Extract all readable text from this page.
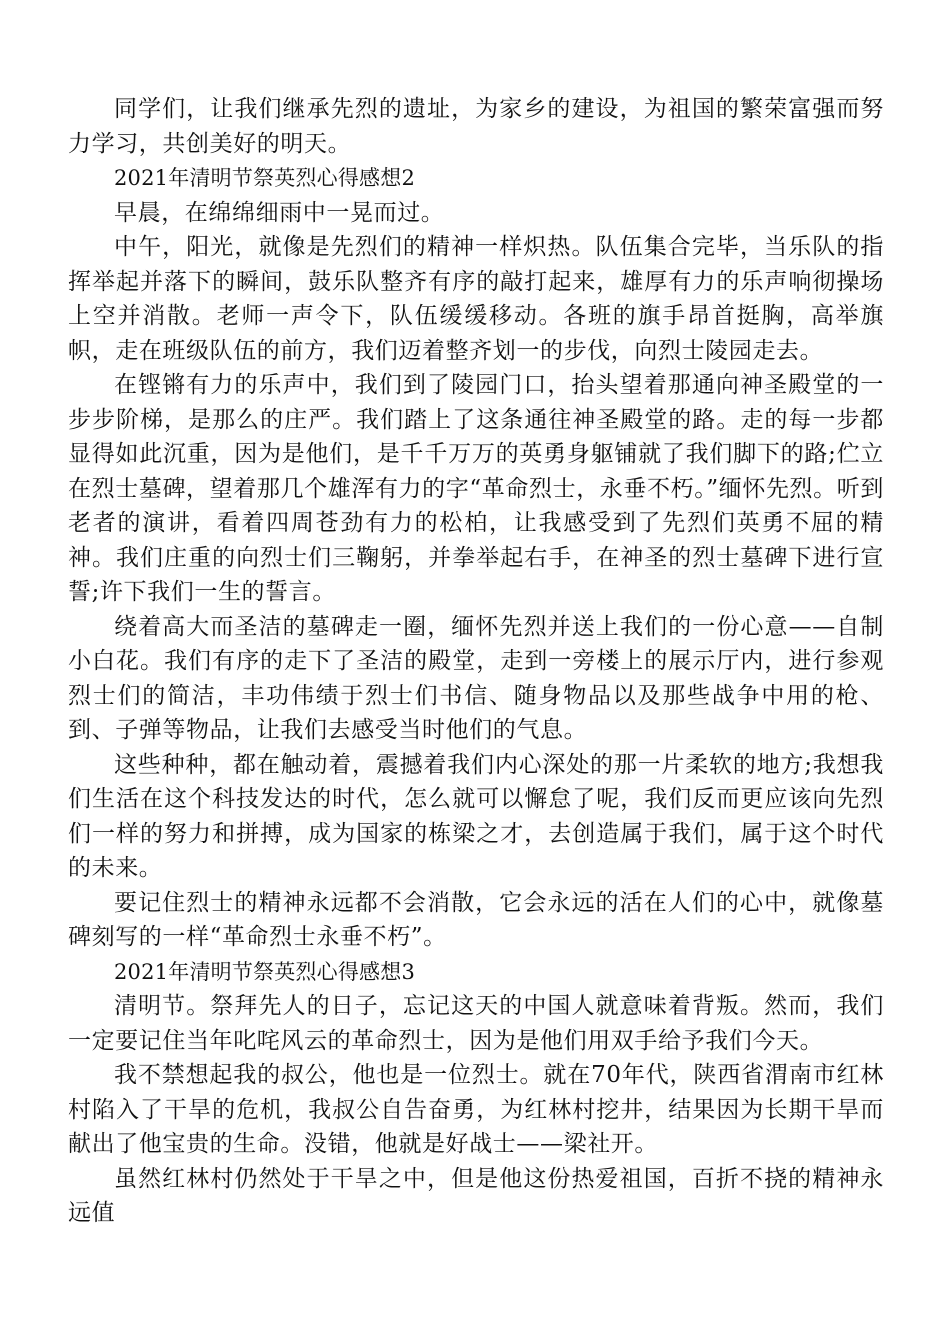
同学们，让我们继承先烈的遗址，为家乡的建设，为祖国的繁荣富强而努力学习，共创美好的明天。

2021年清明节祭英烈心得感想2

早晨，在绵绵细雨中一晃而过。

中午，阳光，就像是先烈们的精神一样炽热。队伍集合完毕，当乐队的指挥举起并落下的瞬间，鼓乐队整齐有序的敲打起来，雄厚有力的乐声响彻操场上空并消散。老师一声令下，队伍缓缓移动。各班的旗手昂首挺胸，高举旗帜，走在班级队伍的前方，我们迈着整齐划一的步伐，向烈士陵园走去。

在铿锵有力的乐声中，我们到了陵园门口，抬头望着那通向神圣殿堂的一步步阶梯，是那么的庄严。我们踏上了这条通往神圣殿堂的路。走的每一步都显得如此沉重，因为是他们，是千千万万的英勇身躯铺就了我们脚下的路;伫立在烈士墓碑，望着那几个雄浑有力的字“革命烈士，永垂不朽。”缅怀先烈。听到老者的演讲，看着四周苍劲有力的松柏，让我感受到了先烈们英勇不屈的精神。我们庄重的向烈士们三鞠躬，并拳举起右手，在神圣的烈士墓碑下进行宣誓;许下我们一生的誓言。

绕着高大而圣洁的墓碑走一圈，缅怀先烈并送上我们的一份心意——自制小白花。我们有序的走下了圣洁的殿堂，走到一旁楼上的展示厅内，进行参观烈士们的简洁，丰功伟绩于烈士们书信、随身物品以及那些战争中用的枪、到、子弹等物品，让我们去感受当时他们的气息。

这些种种，都在触动着，震撼着我们内心深处的那一片柔软的地方;我想我们生活在这个科技发达的时代，怎么就可以懈怠了呢，我们反而更应该向先烈们一样的努力和拼搏，成为国家的栋梁之才，去创造属于我们，属于这个时代的未来。

要记住烈士的精神永远都不会消散，它会永远的活在人们的心中，就像墓碑刻写的一样“革命烈士永垂不朽”。

2021年清明节祭英烈心得感想3

清明节。祭拜先人的日子，忘记这天的中国人就意味着背叛。然而，我们一定要记住当年叱咤风云的革命烈士，因为是他们用双手给予我们今天。

我不禁想起我的叔公，他也是一位烈士。就在70年代，陕西省渭南市红林村陷入了干旱的危机，我叔公自告奋勇，为红林村挖井，结果因为长期干旱而献出了他宝贵的生命。没错，他就是好战士——梁社开。

虽然红林村仍然处于干旱之中，但是他这份热爱祖国，百折不挠的精神永远值
